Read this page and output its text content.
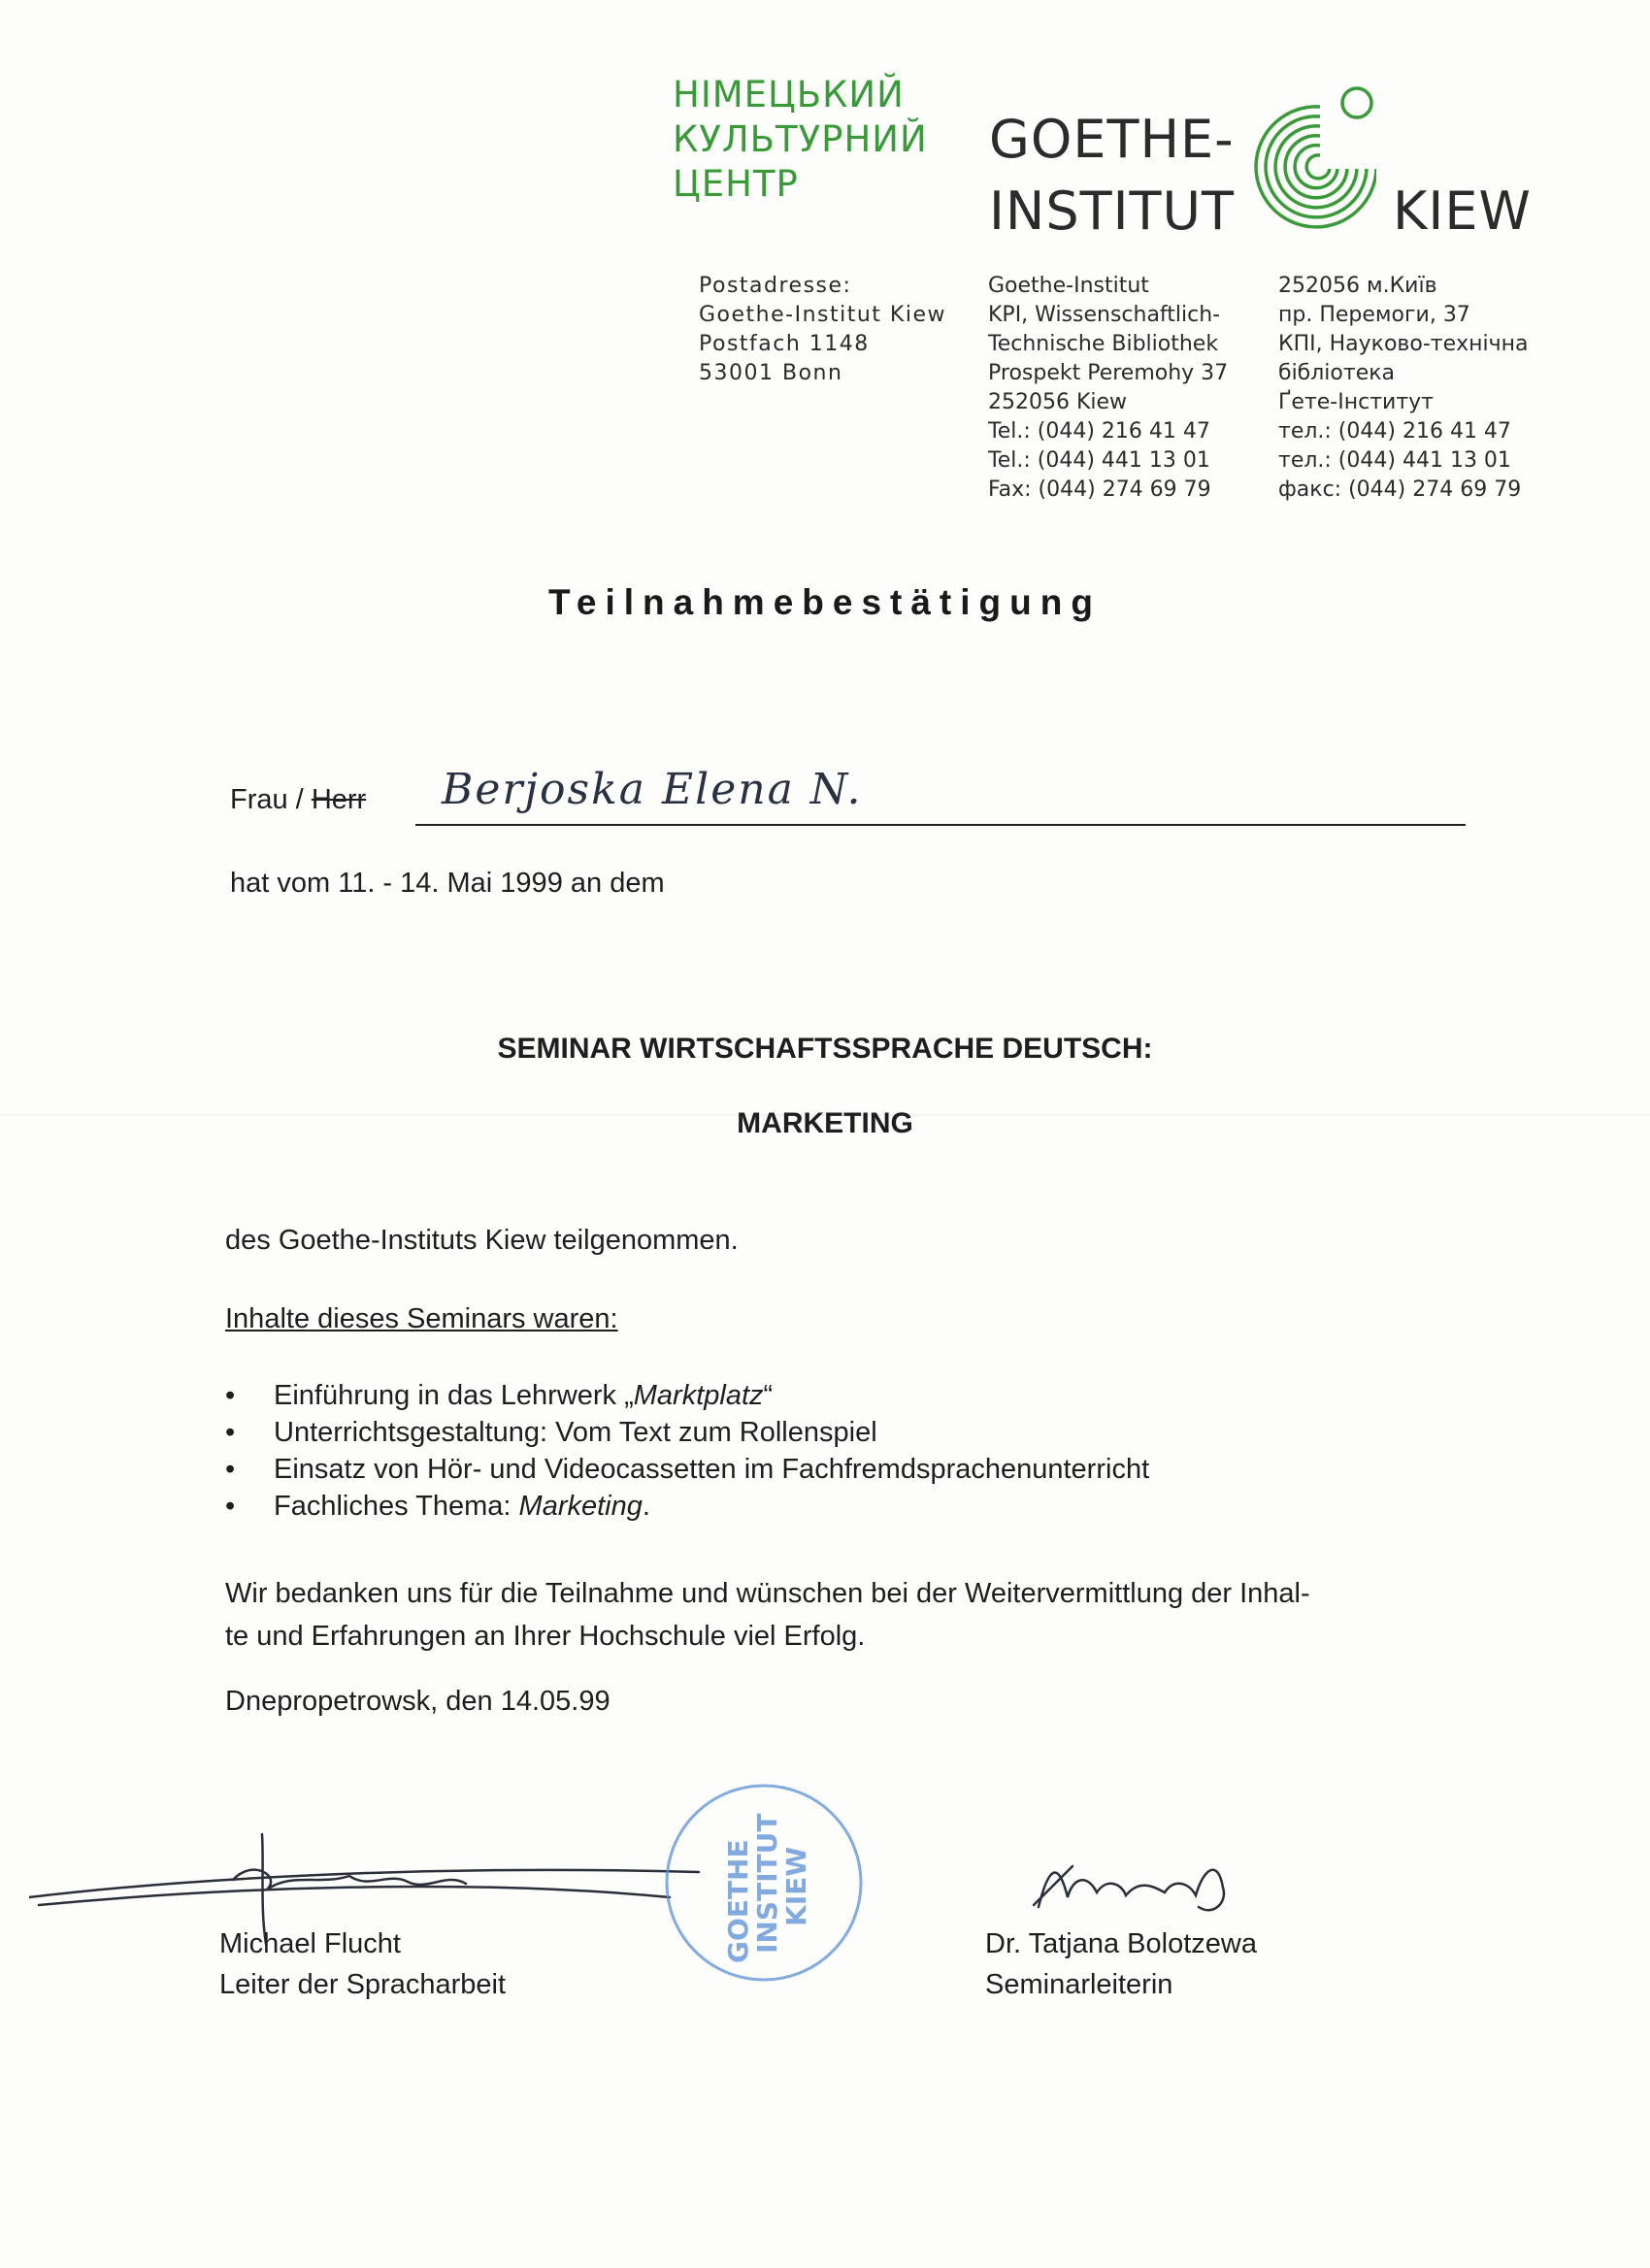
НІМЕЦЬКИЙ
КУЛЬТУРНИЙ
ЦЕНТР
GOETHE-
INSTITUT	KIEW
Postadresse:
Goethe-Institut Kiew
Postfach 1148
53001 Bonn
Goethe-Institut
KPI, Wissenschaftlich-
Technische Bibliothek
Prospekt Peremohy 37
252056 Kiew
Tel.: (044) 216 41 47
Tel.: (044) 441 13 01
Fax: (044) 274 69 79
252056 м.Київ
пр. Перемоги, 37
КПІ, Науково-технічна
бібліотека
Ґете-Інститут
тел.: (044) 216 41 47
тел.: (044) 441 13 01
факс: (044) 274 69 79
Teilnahmebestätigung
Frau / Herr Berjoska Elena N.
hat vom 11. - 14. Mai 1999 an dem
SEMINAR WIRTSCHAFTSSPRACHE DEUTSCH:
MARKETING
des Goethe-Instituts Kiew teilgenommen.
Inhalte dieses Seminars waren:
•
Einführung in das Lehrwerk „Marktplatz“
•
Unterrichtsgestaltung: Vom Text zum Rollenspiel
•
Einsatz von Hör- und Videocassetten im Fachfremdsprachenunterricht
•
Fachliches Thema: Marketing.
Wir bedanken uns für die Teilnahme und wünschen bei der Weitervermittlung der Inhal-
te und Erfahrungen an Ihrer Hochschule viel Erfolg.
Dnepropetrowsk, den 14.05.99
GOETHE
INSTITUT
KIEW
Michael Flucht
Leiter der Spracharbeit
Dr. Tatjana Bolotzewa
Seminarleiterin
